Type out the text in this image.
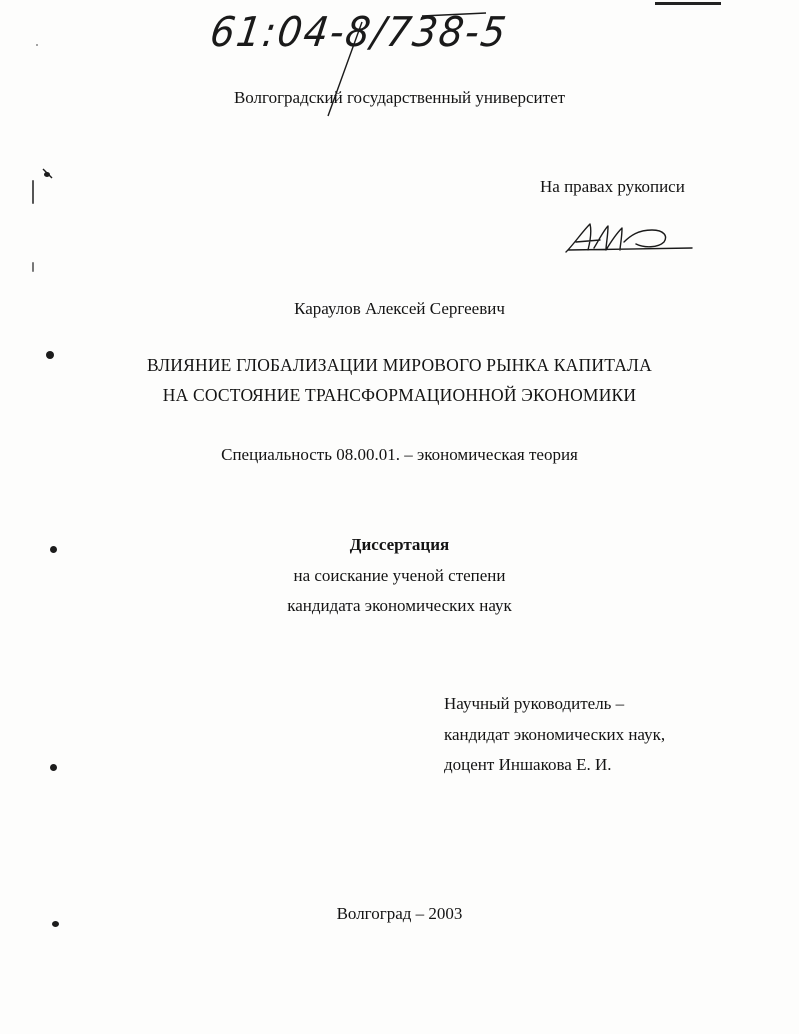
61:04-8/738-5
Волгоградский государственный университет
На правах рукописи
Караулов Алексей Сергеевич
ВЛИЯНИЕ ГЛОБАЛИЗАЦИИ МИРОВОГО РЫНКА КАПИТАЛА
НА СОСТОЯНИЕ ТРАНСФОРМАЦИОННОЙ ЭКОНОМИКИ
Специальность 08.00.01. – экономическая теория
Диссертация
на соискание ученой степени
кандидата экономических наук
Научный руководитель –
кандидат экономических наук,
доцент Иншакова Е. И.
Волгоград – 2003
